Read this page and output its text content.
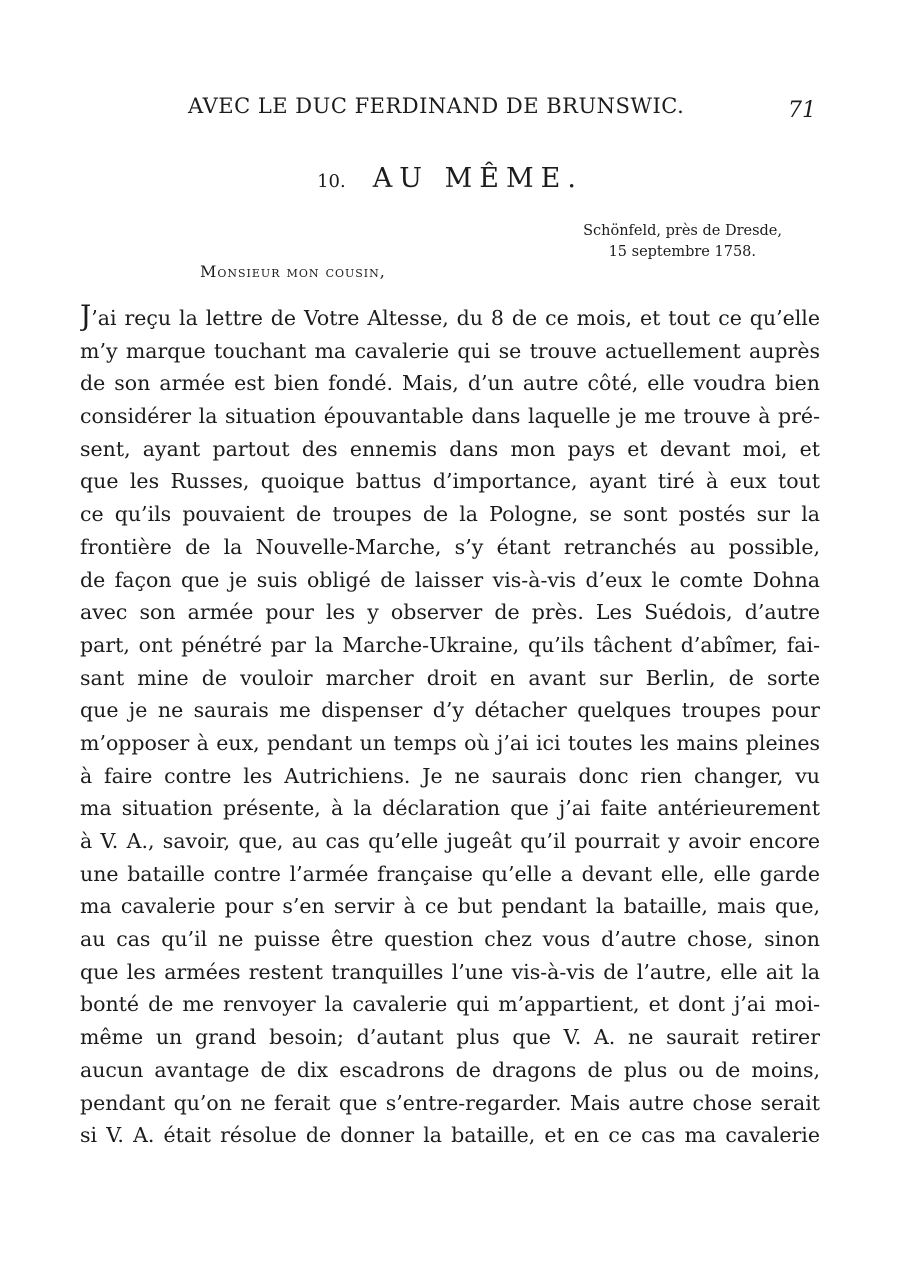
AVEC LE DUC FERDINAND DE BRUNSWIC.	71
10. AU MÊME.
Schönfeld, près de Dresde,
15 septembre 1758.
Monsieur mon cousin,
J’ai reçu la lettre de Votre Altesse, du 8 de ce mois, et tout ce qu’elle
m’y marque touchant ma cavalerie qui se trouve actuellement auprès
de son armée est bien fondé. Mais, d’un autre côté, elle voudra bien
considérer la situation épouvantable dans laquelle je me trouve à pré-
sent, ayant partout des ennemis dans mon pays et devant moi, et
que les Russes, quoique battus d’importance, ayant tiré à eux tout
ce qu’ils pouvaient de troupes de la Pologne, se sont postés sur la
frontière de la Nouvelle-Marche, s’y étant retranchés au possible,
de façon que je suis obligé de laisser vis-à-vis d’eux le comte Dohna
avec son armée pour les y observer de près. Les Suédois, d’autre
part, ont pénétré par la Marche-Ukraine, qu’ils tâchent d’abîmer, fai-
sant mine de vouloir marcher droit en avant sur Berlin, de sorte
que je ne saurais me dispenser d’y détacher quelques troupes pour
m’opposer à eux, pendant un temps où j’ai ici toutes les mains pleines
à faire contre les Autrichiens. Je ne saurais donc rien changer, vu
ma situation présente, à la déclaration que j’ai faite antérieurement
à V. A., savoir, que, au cas qu’elle jugeât qu’il pourrait y avoir encore
une bataille contre l’armée française qu’elle a devant elle, elle garde
ma cavalerie pour s’en servir à ce but pendant la bataille, mais que,
au cas qu’il ne puisse être question chez vous d’autre chose, sinon
que les armées restent tranquilles l’une vis-à-vis de l’autre, elle ait la
bonté de me renvoyer la cavalerie qui m’appartient, et dont j’ai moi-
même un grand besoin; d’autant plus que V. A. ne saurait retirer
aucun avantage de dix escadrons de dragons de plus ou de moins,
pendant qu’on ne ferait que s’entre-regarder. Mais autre chose serait
si V. A. était résolue de donner la bataille, et en ce cas ma cavalerie
